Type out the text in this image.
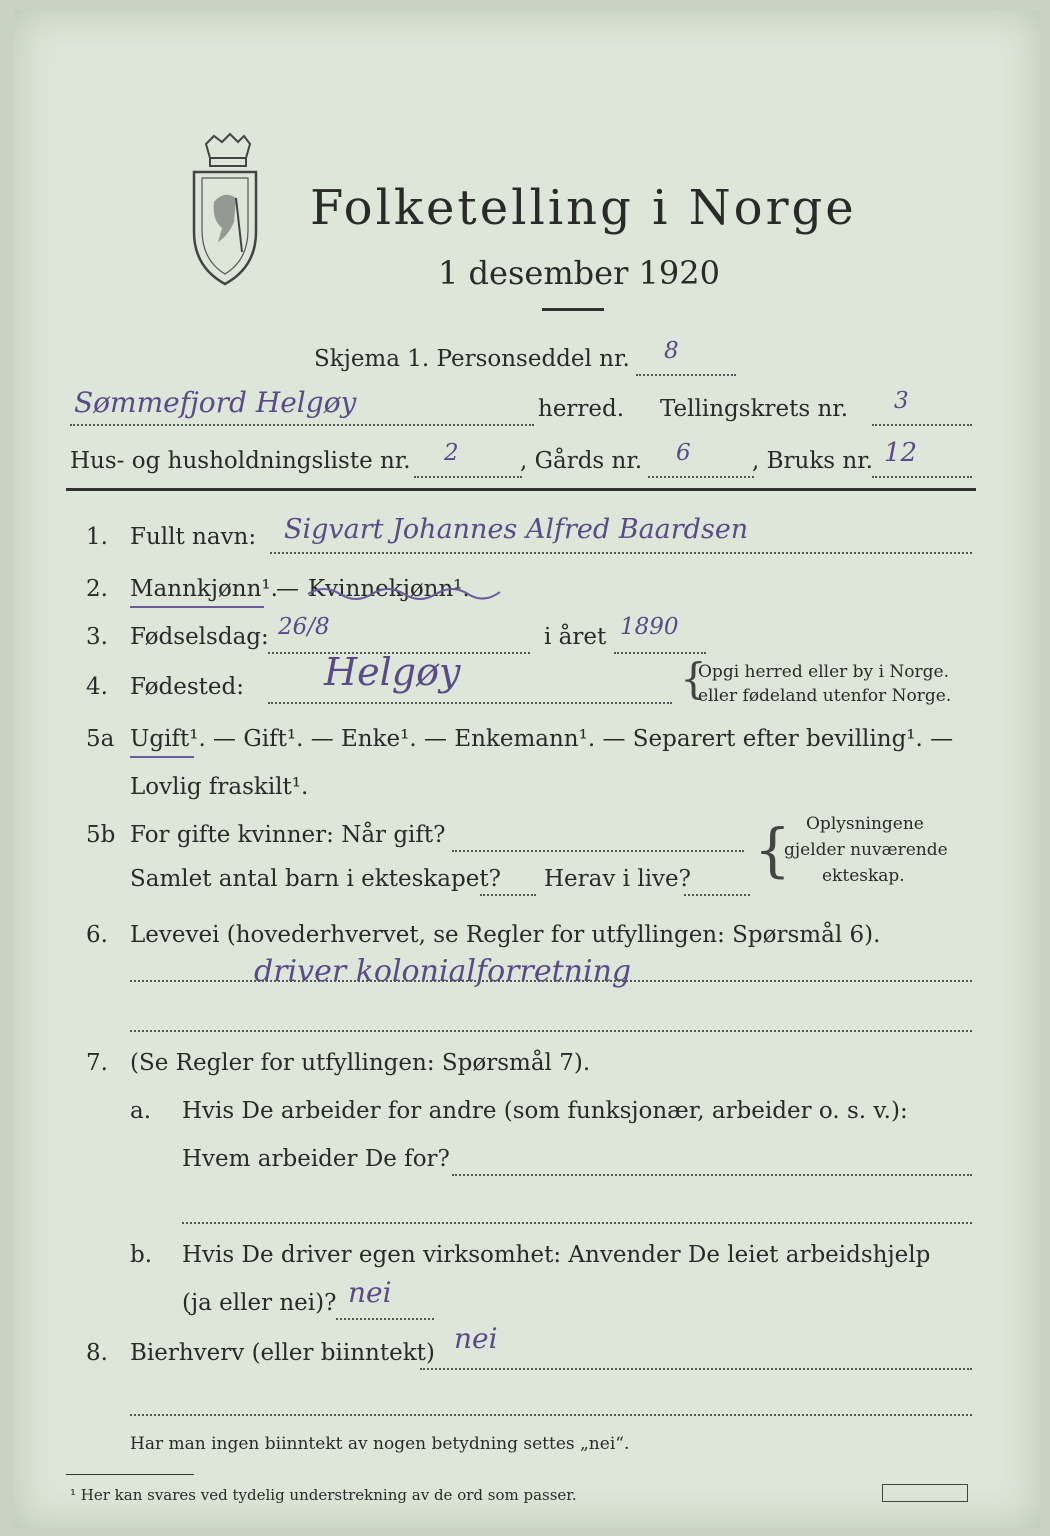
Folketelling i Norge
1 desember 1920
Skjema 1. Personseddel nr. 8
Sømmefjord Helgøy	herred. Tellingskrets nr. 3
Hus- og husholdningsliste nr. 2	, Gårds nr. 6	, Bruks nr. 12
1. Fullt navn: Sigvart Johannes Alfred Baardsen
2. Mannkjønn¹.
— Kvinnekjønn¹.
3. Fødselsdag: 26/8	i året 1890
4. Fødested: Helgøy	{
Opgi herred eller by i Norge.
eller fødeland utenfor Norge.
5a Ugift¹. — Gift¹. — Enke¹. — Enkemann¹. — Separert efter bevilling¹. —
Lovlig fraskilt¹.
5b For gifte kvinner: Når gift?
Samlet antal barn i ekteskapet? Herav i live? { Oplysningene
gjelder nuværende
ekteskap.
6. Levevei (hovederhvervet, se Regler for utfyllingen: Spørsmål 6).
driver kolonialforretning
7. (Se Regler for utfyllingen: Spørsmål 7).
a. Hvis De arbeider for andre (som funksjonær, arbeider o. s. v.):
Hvem arbeider De for?
b. Hvis De driver egen virksomhet: Anvender De leiet arbeidshjelp
(ja eller nei)? nei
8. Bierhverv (eller biinntekt) nei
Har man ingen biinntekt av nogen betydning settes „nei“.
¹ Her kan svares ved tydelig understrekning av de ord som passer.
